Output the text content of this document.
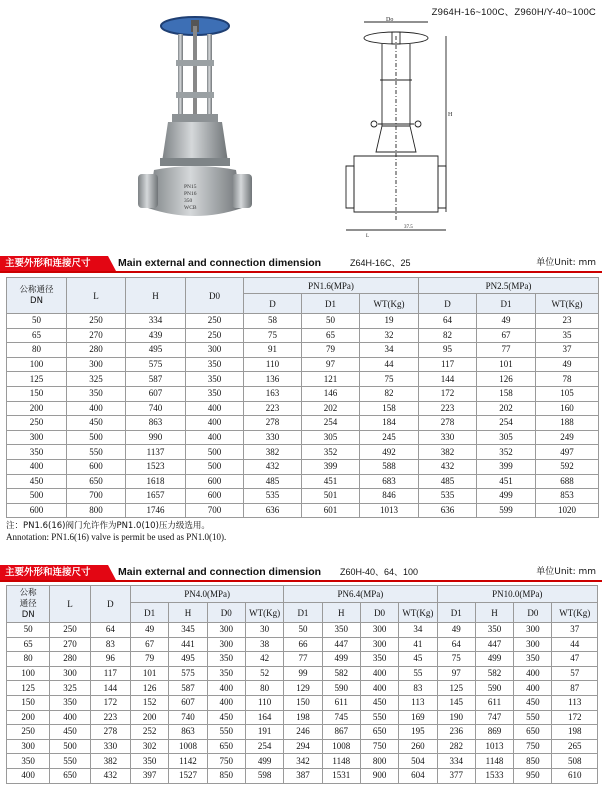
Z964H-16~100C、Z960H/Y-40~100C
PN15
PN16
350
WCB
Do
H
L
37.5
主要外形和连接尺寸	Main external and connection dimension	Z64H-16C、25	单位Unit: mm
公称通径
DN	L	H	D0	PN1.6(MPa)			PN2.5(MPa)		
				D	D1	WT(Kg)	D	D1	WT(Kg)
50	250	334	250	58	50	19	64	49	23
65	270	439	250	75	65	32	82	67	35
80	280	495	300	91	79	34	95	77	37
100	300	575	350	110	97	44	117	101	49
125	325	587	350	136	121	75	144	126	78
150	350	607	350	163	146	82	172	158	105
200	400	740	400	223	202	158	223	202	160
250	450	863	400	278	254	184	278	254	188
300	500	990	400	330	305	245	330	305	249
350	550	1137	500	382	352	492	382	352	497
400	600	1523	500	432	399	588	432	399	592
450	650	1618	600	485	451	683	485	451	688
500	700	1657	600	535	501	846	535	499	853
600	800	1746	700	636	601	1013	636	599	1020
注：PN1.6(16)阀门允许作为PN1.0(10)压力级选用。
Annotation: PN1.6(16) valve is permit be used as PN1.0(10).
主要外形和连接尺寸	Main external and connection dimension Z60H-40、64、100	单位Unit: mm
公称
通径
DN	L	D	PN4.0(MPa)				PN6.4(MPa)				PN10.0(MPa)			
			D1	H	D0	WT(Kg)	D1	H	D0	WT(Kg)	D1	H	D0	WT(Kg)
50	250	64	49	345	300	30	50	350	300	34	49	350	300	37
65	270	83	67	441	300	38	66	447	300	41	64	447	300	44
80	280	96	79	495	350	42	77	499	350	45	75	499	350	47
100	300	117	101	575	350	52	99	582	400	55	97	582	400	57
125	325	144	126	587	400	80	129	590	400	83	125	590	400	87
150	350	172	152	607	400	110	150	611	450	113	145	611	450	113
200	400	223	200	740	450	164	198	745	550	169	190	747	550	172
250	450	278	252	863	550	191	246	867	650	195	236	869	650	198
300	500	330	302	1008	650	254	294	1008	750	260	282	1013	750	265
350	550	382	350	1142	750	499	342	1148	800	504	334	1148	850	508
400	650	432	397	1527	850	598	387	1531	900	604	377	1533	950	610
